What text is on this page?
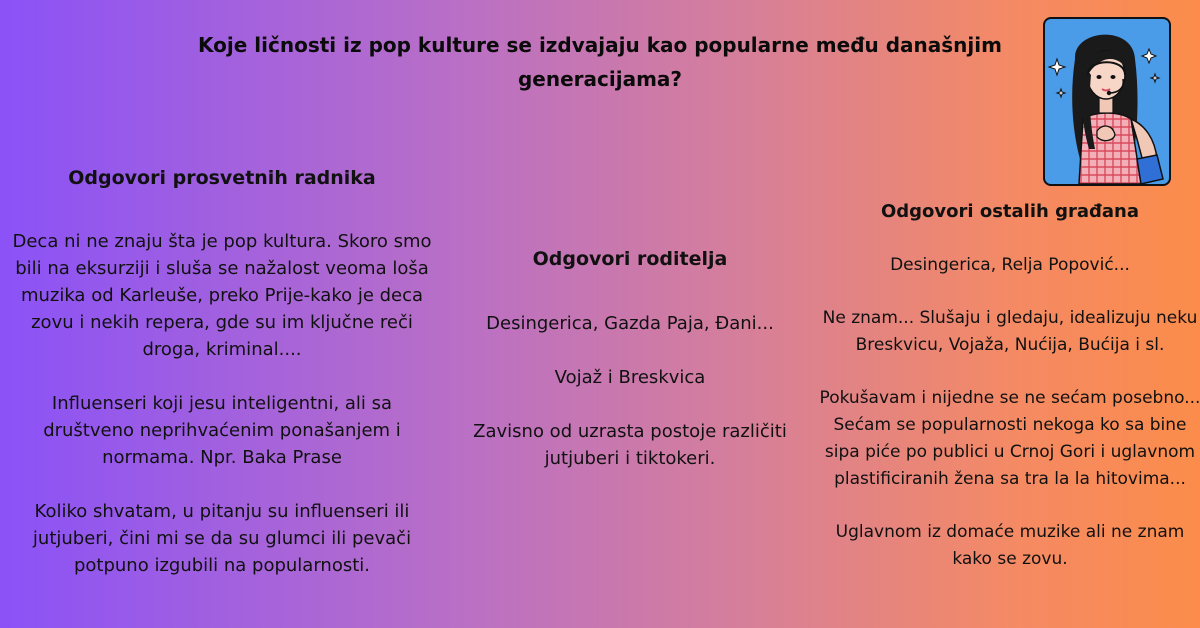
Koje ličnosti iz pop kulture se izdvajaju kao popularne među današnjim generacijama?
Odgovori prosvetnih radnika

Deca ni ne znaju šta je pop kultura. Skoro smo bili na eksurziji i sluša se nažalost veoma loša muzika od Karleuše, preko Prije-kako je deca zovu i nekih repera, gde su im ključne reči droga, kriminal....

Influenseri koji jesu inteligentni, ali sa društveno neprihvaćenim ponašanjem i normama. Npr. Baka Prase

Koliko shvatam, u pitanju su influenseri ili jutjuberi, čini mi se da su glumci ili pevači potpuno izgubili na popularnosti.

Odgovori roditelja

Desingerica, Gazda Paja, Đani...

Vojaž i Breskvica

Zavisno od uzrasta postoje različiti jutjuberi i tiktokeri.

Odgovori ostalih građana

Desingerica, Relja Popović...

Ne znam... Slušaju i gledaju, idealizuju neku Breskvicu, Vojaža, Nućija, Bućija i sl.

Pokušavam i nijedne se ne sećam posebno... Sećam se popularnosti nekoga ko sa bine sipa piće po publici u Crnoj Gori i uglavnom plastificiranih žena sa tra la la hitovima...

Uglavnom iz domaće muzike ali ne znam kako se zovu.
